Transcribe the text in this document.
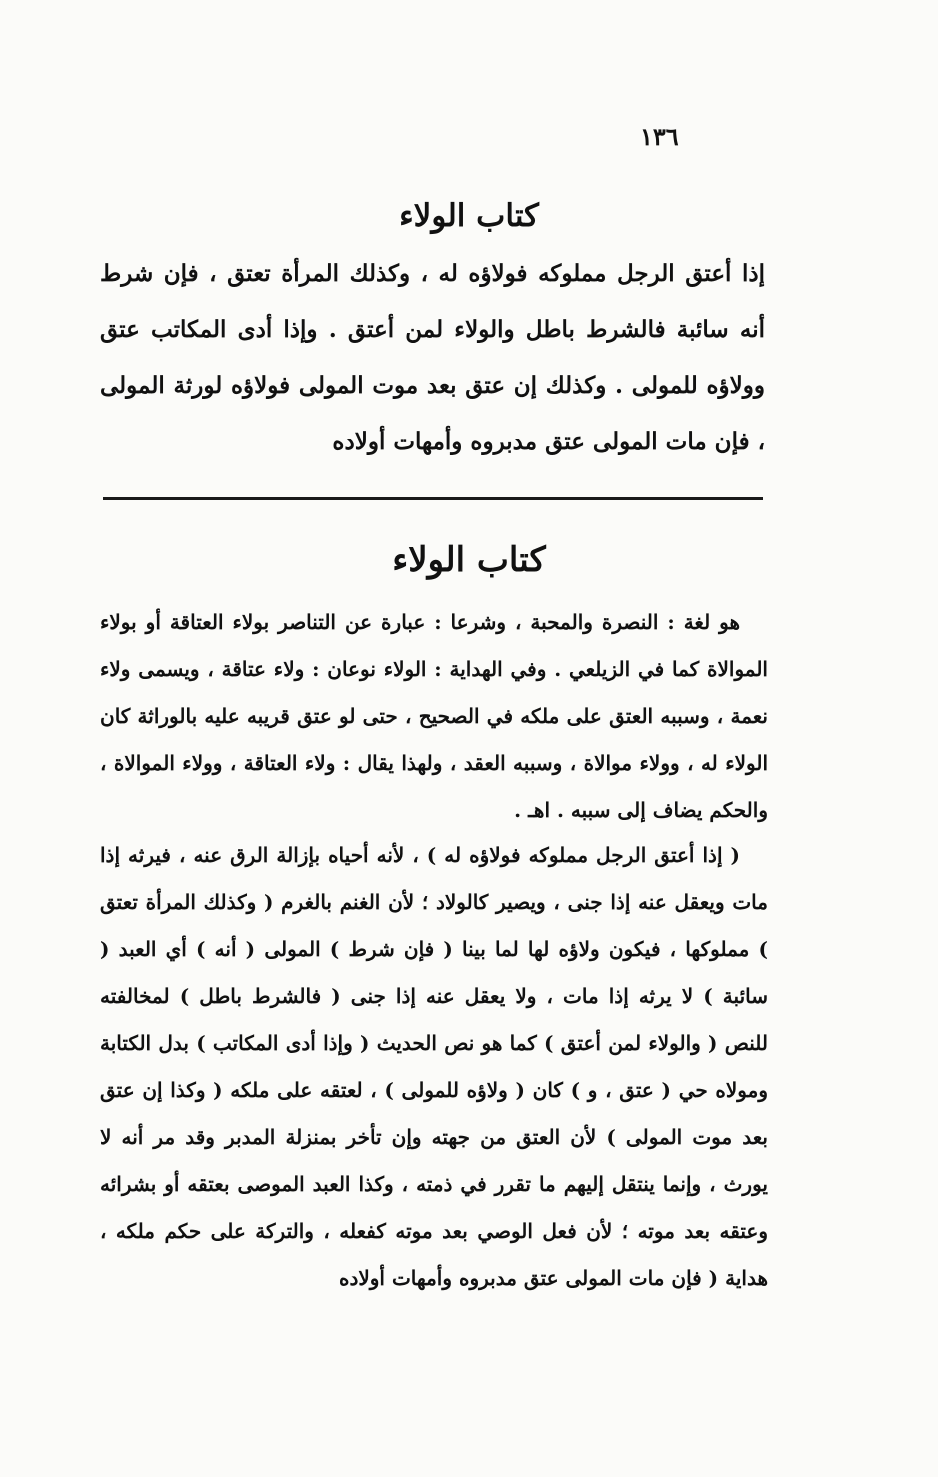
١٣٦
كتاب الولاء
إذا أعتق الرجل مملوكه فولاؤه له ، وكذلك المرأة تعتق ، فإن شرط أنه سائبة فالشرط باطل والولاء لمن أعتق . وإذا أدى المكاتب عتق وولاؤه للمولى . وكذلك إن عتق بعد موت المولى فولاؤه لورثة المولى ، فإن مات المولى عتق مدبروه وأمهات أولاده
كتاب الولاء
هو لغة : النصرة والمحبة ، وشرعا : عبارة عن التناصر بولاء العتاقة أو بولاء الموالاة كما في الزيلعي . وفي الهداية : الولاء نوعان : ولاء عتاقة ، ويسمى ولاء نعمة ، وسببه العتق على ملكه في الصحيح ، حتى لو عتق قريبه عليه بالوراثة كان الولاء له ، وولاء موالاة ، وسببه العقد ، ولهذا يقال : ولاء العتاقة ، وولاء الموالاة ، والحكم يضاف إلى سببه . اهـ .
( إذا أعتق الرجل مملوكه فولاؤه له ) ، لأنه أحياه بإزالة الرق عنه ، فيرثه إذا مات ويعقل عنه إذا جنى ، ويصير كالولاد ؛ لأن الغنم بالغرم ( وكذلك المرأة تعتق ) مملوكها ، فيكون ولاؤه لها لما بينا ( فإن شرط ) المولى ( أنه ) أي العبد ( سائبة ) لا يرثه إذا مات ، ولا يعقل عنه إذا جنى ( فالشرط باطل ) لمخالفته للنص ( والولاء لمن أعتق ) كما هو نص الحديث ( وإذا أدى المكاتب ) بدل الكتابة ومولاه حي ( عتق ، و ) كان ( ولاؤه للمولى ) ، لعتقه على ملكه ( وكذا إن عتق بعد موت المولى ) لأن العتق من جهته وإن تأخر بمنزلة المدبر وقد مر أنه لا يورث ، وإنما ينتقل إليهم ما تقرر في ذمته ، وكذا العبد الموصى بعتقه أو بشرائه وعتقه بعد موته ؛ لأن فعل الوصي بعد موته كفعله ، والتركة على حكم ملكه ، هداية ( فإن مات المولى عتق مدبروه وأمهات أولاده
